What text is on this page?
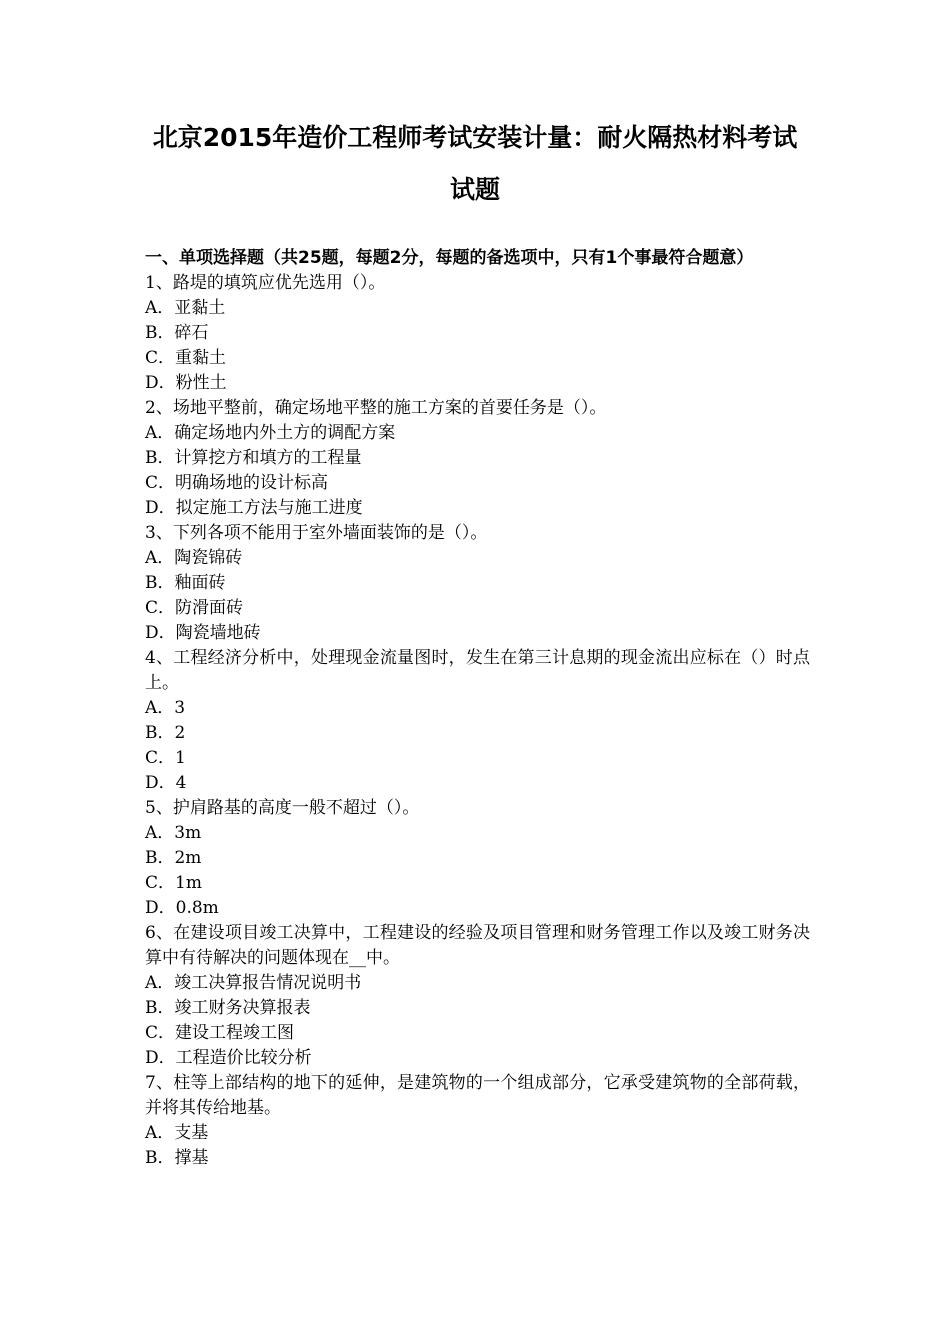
北京2015年造价工程师考试安装计量：耐火隔热材料考试
试题
一、单项选择题（共25题，每题2分，每题的备选项中，只有1个事最符合题意）
1、路堤的填筑应优先选用（）。
A．亚黏土
B．碎石
C．重黏土
D．粉性土
2、场地平整前，确定场地平整的施工方案的首要任务是（）。
A．确定场地内外土方的调配方案
B．计算挖方和填方的工程量
C．明确场地的设计标高
D．拟定施工方法与施工进度
3、下列各项不能用于室外墙面装饰的是（）。
A．陶瓷锦砖
B．釉面砖
C．防滑面砖
D．陶瓷墙地砖
4、工程经济分析中，处理现金流量图时，发生在第三计息期的现金流出应标在（）时点上。
A．3
B．2
C．1
D．4
5、护肩路基的高度一般不超过（）。
A．3m
B．2m
C．1m
D．0.8m
6、在建设项目竣工决算中，工程建设的经验及项目管理和财务管理工作以及竣工财务决算中有待解决的问题体现在__中。
A．竣工决算报告情况说明书
B．竣工财务决算报表
C．建设工程竣工图
D．工程造价比较分析
7、柱等上部结构的地下的延伸，是建筑物的一个组成部分，它承受建筑物的全部荷载，并将其传给地基。
A．支基
B．撑基
